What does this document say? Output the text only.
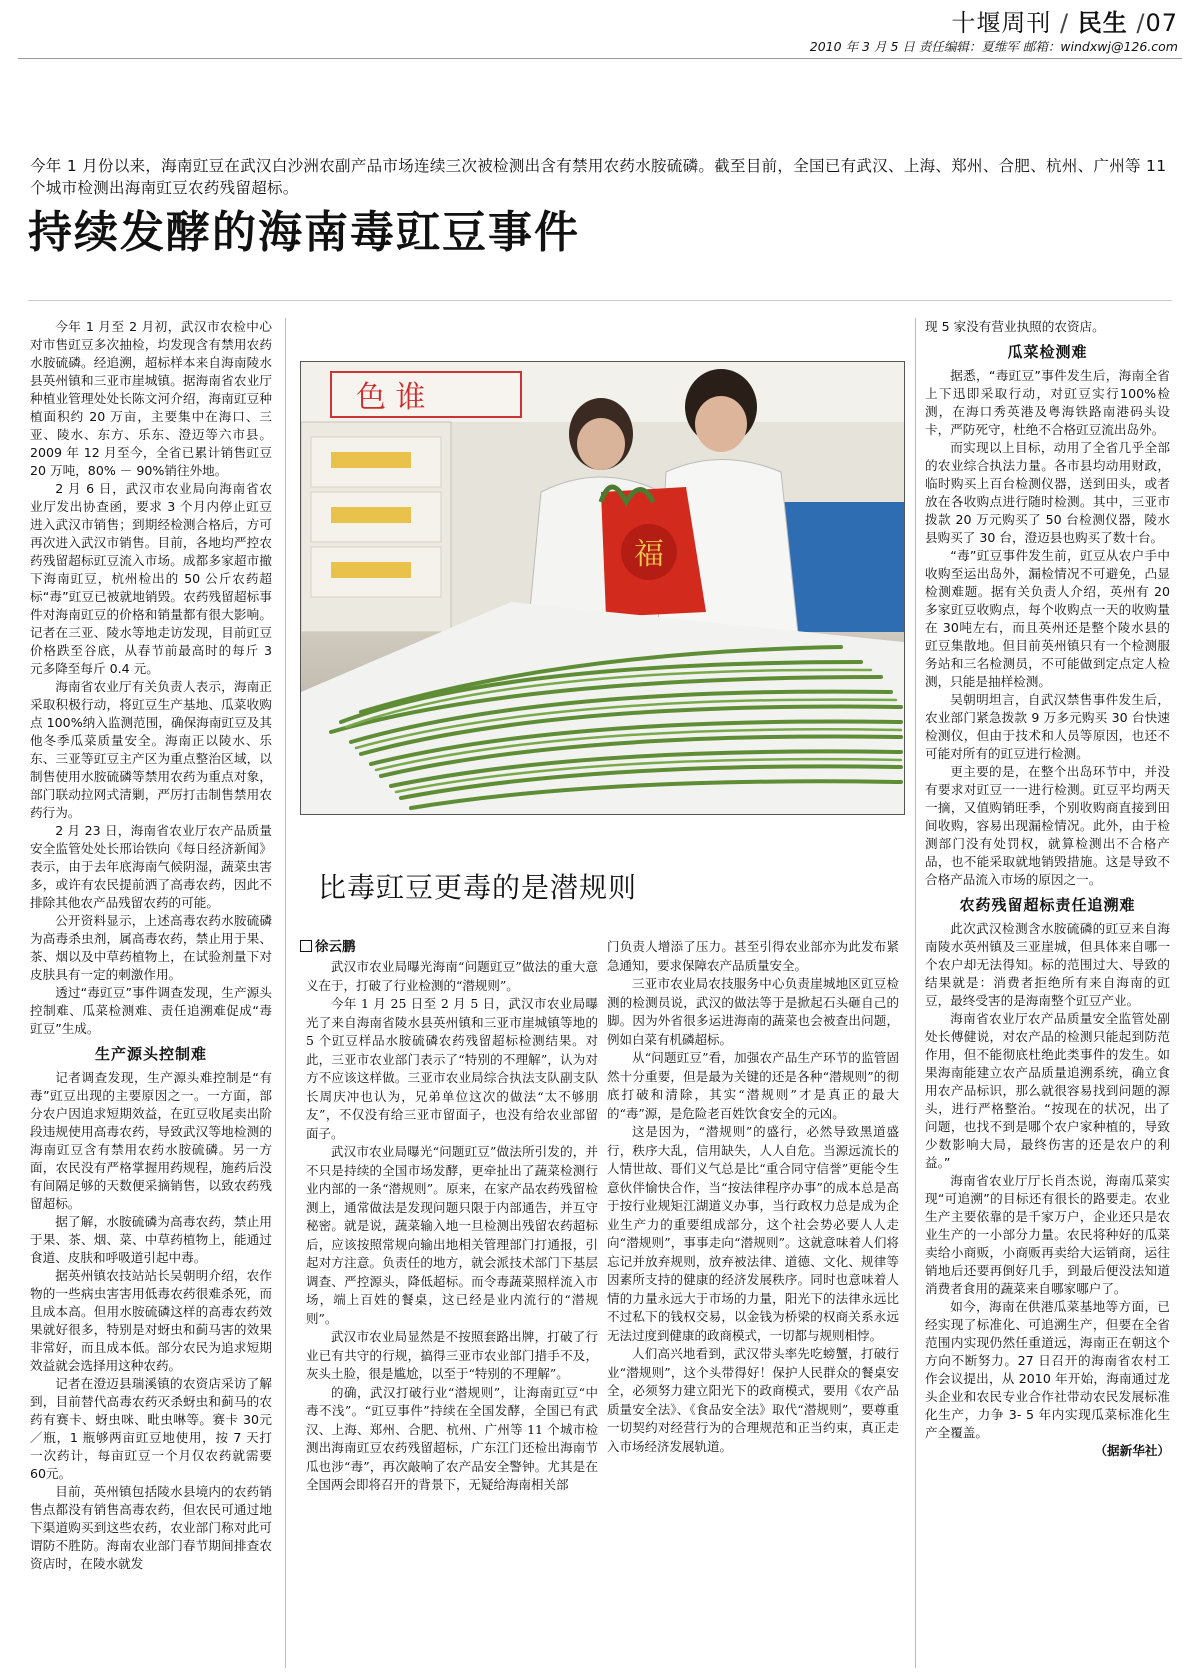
十堰周刊 / 民生 /07
2010 年 3 月 5 日 责任编辑：夏维军 邮箱：windxwj@126.com
今年 1 月份以来，海南豇豆在武汉白沙洲农副产品市场连续三次被检测出含有禁用农药水胺硫磷。截至目前，全国已有武汉、上海、郑州、合肥、杭州、广州等 11 个城市检测出海南豇豆农药残留超标。
持续发酵的海南毒豇豆事件

今年 1 月至 2 月初，武汉市农检中心对市售豇豆多次抽检，均发现含有禁用农药水胺硫磷。经追溯，超标样本来自海南陵水县英州镇和三亚市崖城镇。据海南省农业厅种植业管理处处长陈文河介绍，海南豇豆种植面积约 20 万亩，主要集中在海口、三亚、陵水、东方、乐东、澄迈等六市县。2009 年 12 月至今，全省已累计销售豇豆 20 万吨，80% － 90%销往外地。

2 月 6 日，武汉市农业局向海南省农业厅发出协查函，要求 3 个月内停止豇豆进入武汉市销售；到期经检测合格后，方可再次进入武汉市销售。目前，各地均严控农药残留超标豇豆流入市场。成都多家超市撤下海南豇豆，杭州检出的 50 公斤农药超标“毒”豇豆已被就地销毁。农药残留超标事件对海南豇豆的价格和销量都有很大影响。记者在三亚、陵水等地走访发现，目前豇豆价格跌至谷底，从春节前最高时的每斤 3 元多降至每斤 0.4 元。

海南省农业厅有关负责人表示，海南正采取积极行动，将豇豆生产基地、瓜菜收购点 100%纳入监测范围，确保海南豇豆及其他冬季瓜菜质量安全。海南正以陵水、乐东、三亚等豇豆主产区为重点整治区域，以制售使用水胺硫磷等禁用农药为重点对象，部门联动拉网式清剿，严厉打击制售禁用农药行为。

2 月 23 日，海南省农业厅农产品质量安全监管处处长邢诒铁向《每日经济新闻》表示，由于去年底海南气候阴湿，蔬菜虫害多，或许有农民提前洒了高毒农药，因此不排除其他农产品残留农药的可能。

公开资料显示，上述高毒农药水胺硫磷为高毒杀虫剂，属高毒农药，禁止用于果、茶、烟以及中草药植物上，在试验剂量下对皮肤具有一定的刺激作用。

透过“毒豇豆”事件调查发现，生产源头控制难、瓜菜检测难、责任追溯难促成“毒豇豆”生成。

生产源头控制难

记者调查发现，生产源头难控制是“有毒”豇豆出现的主要原因之一。一方面，部分农户因追求短期效益，在豇豆收尾卖出阶段违规使用高毒农药，导致武汉等地检测的海南豇豆含有禁用农药水胺硫磷。另一方面，农民没有严格掌握用药规程，施药后没有间隔足够的天数便采摘销售，以致农药残留超标。

据了解，水胺硫磷为高毒农药，禁止用于果、茶、烟、菜、中草药植物上，能通过食道、皮肤和呼吸道引起中毒。

据英州镇农技站站长吴朝明介绍，农作物的一些病虫害害用低毒农药很难杀死，而且成本高。但用水胺硫磷这样的高毒农药效果就好很多，特别是对蚜虫和蓟马害的效果非常好，而且成本低。部分农民为追求短期效益就会选择用这种农药。

记者在澄迈县瑞溪镇的农资店采访了解到，目前替代高毒农药灭杀蚜虫和蓟马的农药有赛卡、蚜虫咪、毗虫啉等。赛卡 30元／瓶，1 瓶够两亩豇豆地使用，按 7 天打一次药计，每亩豇豆一个月仅农药就需要 60元。

目前，英州镇包括陵水县境内的农药销售点都没有销售高毒农药，但农民可通过地下渠道购买到这些农药，农业部门称对此可谓防不胜防。海南农业部门春节期间排查农资店时，在陵水就发

色 谁
福
比毒豇豆更毒的是潜规则
徐云鹏

武汉市农业局曝光海南“问题豇豆”做法的重大意义在于，打破了行业检测的“潜规则”。

今年 1 月 25 日至 2 月 5 日，武汉市农业局曝光了来自海南省陵水县英州镇和三亚市崖城镇等地的 5 个豇豆样品水胺硫磷农药残留超标检测结果。对此，三亚市农业部门表示了“特别的不理解”，认为对方不应该这样做。三亚市农业局综合执法支队副支队长周庆冲也认为，兄弟单位这次的做法“太不够朋友”，不仅没有给三亚市留面子，也没有给农业部留面子。

武汉市农业局曝光“问题豇豆”做法所引发的，并不只是持续的全国市场发酵，更牵扯出了蔬菜检测行业内部的一条“潜规则”。原来，在家产品农药残留检测上，通常做法是发现问题只限于内部通告，并互守秘密。就是说，蔬菜输入地一旦检测出残留农药超标后，应该按照常规向输出地相关管理部门打通报，引起对方注意。负责任的地方，就会派技术部门下基层调查、严控源头，降低超标。而令毒蔬菜照样流入市场，端上百姓的餐桌，这已经是业内流行的“潜规则”。

武汉市农业局显然是不按照套路出牌，打破了行业已有共守的行规，搞得三亚市农业部门措手不及，灰头土脸，很是尴尬，以至于“特别的不理解”。

的确，武汉打破行业“潜规则”，让海南豇豆“中毒不浅”。“豇豆事件”持续在全国发酵，全国已有武汉、上海、郑州、合肥、杭州、广州等 11 个城市检测出海南豇豆农药残留超标，广东江门还检出海南节瓜也涉“毒”，再次敲响了农产品安全警钟。尤其是在全国两会即将召开的背景下，无疑给海南相关部

门负责人增添了压力。甚至引得农业部亦为此发布紧急通知，要求保障农产品质量安全。

三亚市农业局农技服务中心负责崖城地区豇豆检测的检测员说，武汉的做法等于是掀起石头砸自己的脚。因为外省很多运进海南的蔬菜也会被查出问题，例如白菜有机磷超标。

从“问题豇豆”看，加强农产品生产环节的监管固然十分重要，但是最为关键的还是各种“潜规则”的彻底打破和清除，其实“潜规则”才是真正的最大的“毒”源，是危险老百姓饮食安全的元凶。

这是因为，“潜规则”的盛行，必然导致黑道盛行，秩序大乱，信用缺失，人人自危。当源远流长的人情世故、哥们义气总是比“重合同守信誉”更能令生意伙伴愉快合作，当“按法律程序办事”的成本总是高于按行业规矩江湖道义办事，当行政权力总是成为企业生产力的重要组成部分，这个社会势必要人人走向“潜规则”，事事走向“潜规则”。这就意味着人们将忘记并放弃规则，放弃被法律、道德、文化、规律等因素所支持的健康的经济发展秩序。同时也意味着人情的力量永远大于市场的力量，阳光下的法律永远比不过私下的钱权交易，以金钱为桥梁的权商关系永远无法过度到健康的政商模式，一切都与规则相悖。

人们高兴地看到，武汉带头率先吃螃蟹，打破行业“潜规则”，这个头带得好！保护人民群众的餐桌安全，必须努力建立阳光下的政商模式，要用《农产品质量安全法》、《食品安全法》取代“潜规则”，要尊重一切契约对经营行为的合理规范和正当约束，真正走入市场经济发展轨道。

现 5 家没有营业执照的农资店。

瓜菜检测难

据悉，“毒豇豆”事件发生后，海南全省上下迅即采取行动，对豇豆实行100%检测，在海口秀英港及粤海铁路南港码头设卡，严防死守，杜绝不合格豇豆流出岛外。

而实现以上目标，动用了全省几乎全部的农业综合执法力量。各市县均动用财政，临时购买上百台检测仪器，送到田头，或者放在各收购点进行随时检测。其中，三亚市拨款 20 万元购买了 50 台检测仪器，陵水县购买了 30 台，澄迈县也购买了数十台。

“毒”豇豆事件发生前，豇豆从农户手中收购至运出岛外，漏检情况不可避免，凸显检测难题。据有关负责人介绍，英州有 20 多家豇豆收购点，每个收购点一天的收购量在 30吨左右，而且英州还是整个陵水县的豇豆集散地。但目前英州镇只有一个检测服务站和三名检测员，不可能做到定点定人检测，只能是抽样检测。

吴朝明坦言，自武汉禁售事件发生后，农业部门紧急拨款 9 万多元购买 30 台快速检测仪，但由于技术和人员等原因，也还不可能对所有的豇豆进行检测。

更主要的是，在整个出岛环节中，并没有要求对豇豆一一进行检测。豇豆平均两天一摘，又值购销旺季，个别收购商直接到田间收购，容易出现漏检情况。此外，由于检测部门没有处罚权，就算检测出不合格产品，也不能采取就地销毁措施。这是导致不合格产品流入市场的原因之一。

农药残留超标责任追溯难

此次武汉检测含水胺硫磷的豇豆来自海南陵水英州镇及三亚崖城，但具体来自哪一个农户却无法得知。标的范围过大、导致的结果就是：消费者拒绝所有来自海南的豇豆，最终受害的是海南整个豇豆产业。

海南省农业厅农产品质量安全监管处副处长傅健说，对农产品的检测只能起到防范作用，但不能彻底杜绝此类事件的发生。如果海南能建立农产品质量追溯系统，确立食用农产品标识，那么就很容易找到问题的源头，进行严格整治。“按现在的状况，出了问题，也找不到是哪个农户家种植的，导致少数影响大局，最终伤害的还是农户的利益。”

海南省农业厅厅长肖杰说，海南瓜菜实现“可追溯”的目标还有很长的路要走。农业生产主要依靠的是千家万户，企业还只是农业生产的一小部分力量。农民将种好的瓜菜卖给小商贩，小商贩再卖给大运销商，运往销地后还要再倒好几手，到最后便没法知道消费者食用的蔬菜来自哪家哪户了。

如今，海南在供港瓜菜基地等方面，已经实现了标准化、可追溯生产，但要在全省范围内实现仍然任重道远，海南正在朝这个方向不断努力。27 日召开的海南省农村工作会议提出，从 2010 年开始，海南通过龙头企业和农民专业合作社带动农民发展标准化生产，力争 3- 5 年内实现瓜菜标准化生产全覆盖。

（据新华社）
